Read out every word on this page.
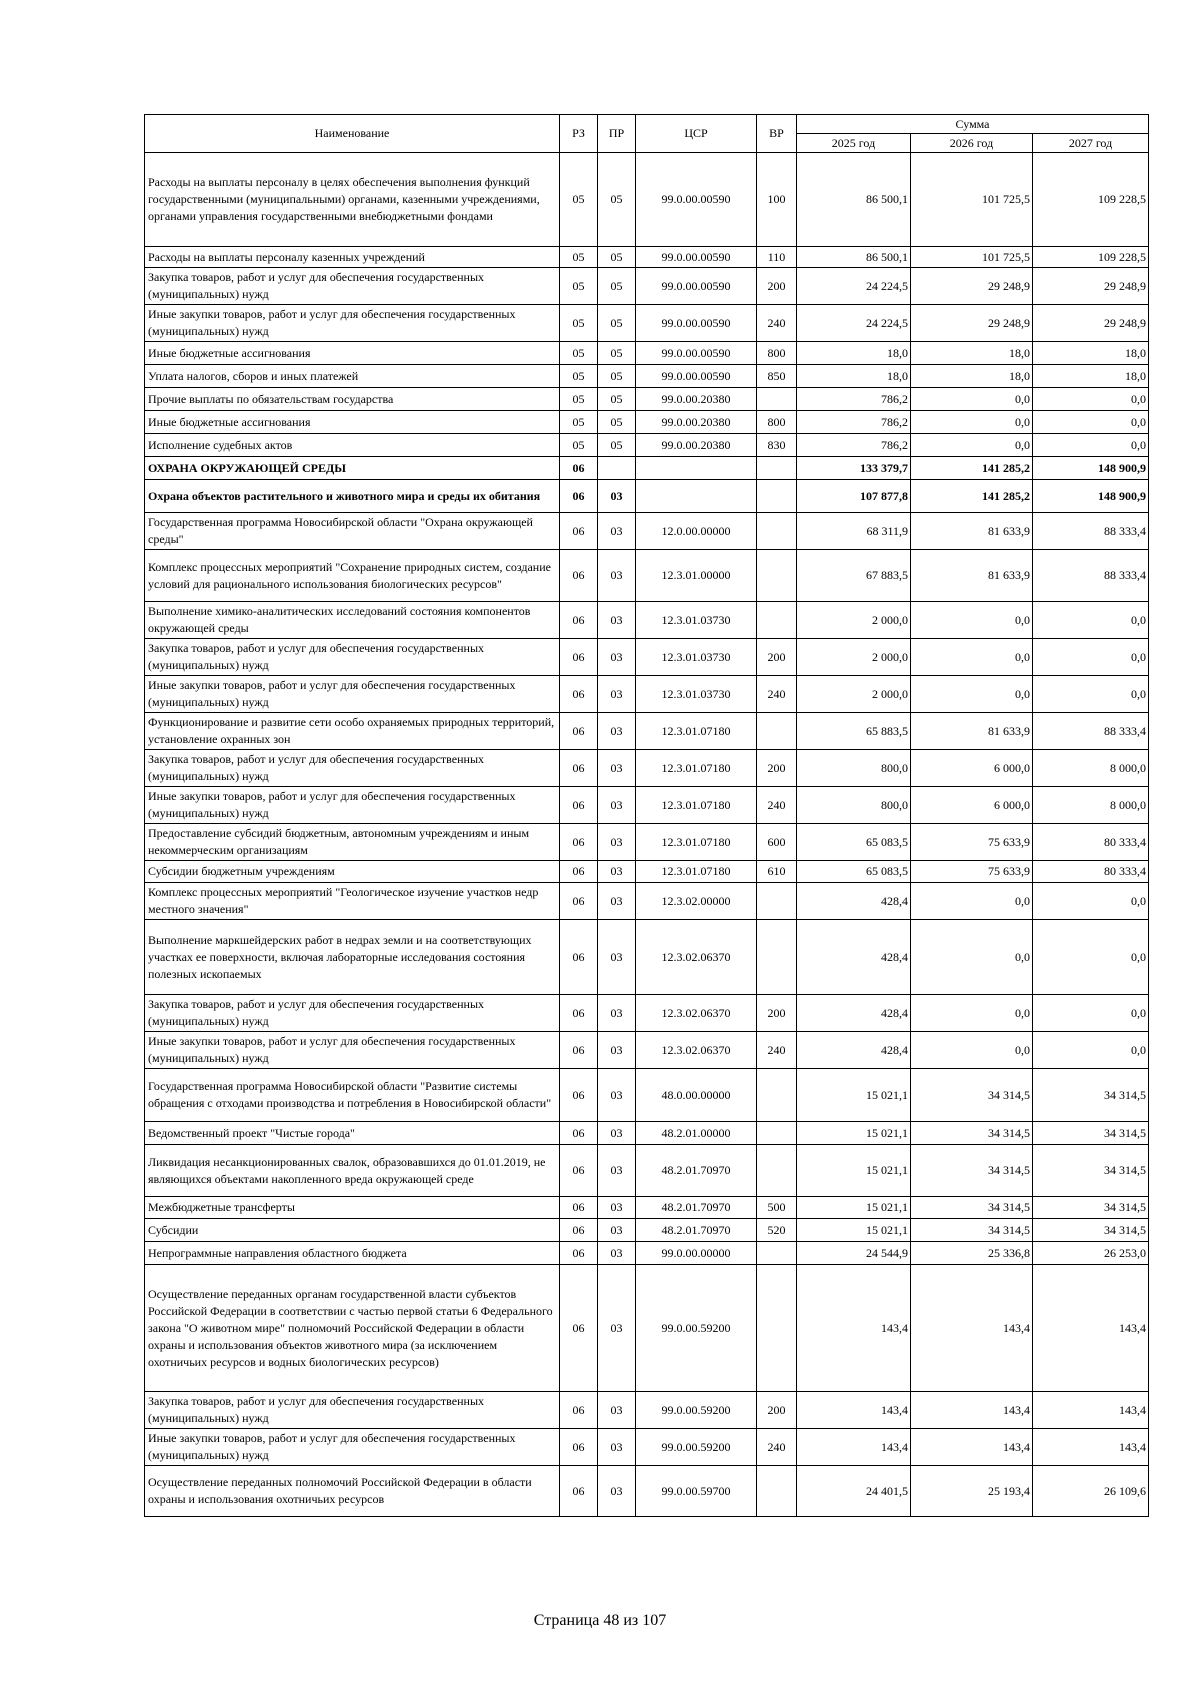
Наименование	РЗ	ПР	ЦСР	ВР	Сумма		
					2025 год	2026 год	2027 год
Расходы на выплаты персоналу в целях обеспечения выполнения функций государственными (муниципальными) органами, казенными учреждениями, органами управления государственными внебюджетными фондами	05	05	99.0.00.00590	100	86 500,1	101 725,5	109 228,5
Расходы на выплаты персоналу казенных учреждений	05	05	99.0.00.00590	110	86 500,1	101 725,5	109 228,5
Закупка товаров, работ и услуг для обеспечения государственных (муниципальных) нужд	05	05	99.0.00.00590	200	24 224,5	29 248,9	29 248,9
Иные закупки товаров, работ и услуг для обеспечения государственных (муниципальных) нужд	05	05	99.0.00.00590	240	24 224,5	29 248,9	29 248,9
Иные бюджетные ассигнования	05	05	99.0.00.00590	800	18,0	18,0	18,0
Уплата налогов, сборов и иных платежей	05	05	99.0.00.00590	850	18,0	18,0	18,0
Прочие выплаты по обязательствам государства	05	05	99.0.00.20380		786,2	0,0	0,0
Иные бюджетные ассигнования	05	05	99.0.00.20380	800	786,2	0,0	0,0
Исполнение судебных актов	05	05	99.0.00.20380	830	786,2	0,0	0,0
ОХРАНА ОКРУЖАЮЩЕЙ СРЕДЫ	06				133 379,7	141 285,2	148 900,9
Охрана объектов растительного и животного мира и среды их обитания	06	03			107 877,8	141 285,2	148 900,9
Государственная программа Новосибирской области "Охрана окружающей среды"	06	03	12.0.00.00000		68 311,9	81 633,9	88 333,4
Комплекс процессных мероприятий "Сохранение природных систем, создание условий для рационального использования биологических ресурсов"	06	03	12.3.01.00000		67 883,5	81 633,9	88 333,4
Выполнение химико-аналитических исследований состояния компонентов окружающей среды	06	03	12.3.01.03730		2 000,0	0,0	0,0
Закупка товаров, работ и услуг для обеспечения государственных (муниципальных) нужд	06	03	12.3.01.03730	200	2 000,0	0,0	0,0
Иные закупки товаров, работ и услуг для обеспечения государственных (муниципальных) нужд	06	03	12.3.01.03730	240	2 000,0	0,0	0,0
Функционирование и развитие сети особо охраняемых природных территорий, установление охранных зон	06	03	12.3.01.07180		65 883,5	81 633,9	88 333,4
Закупка товаров, работ и услуг для обеспечения государственных (муниципальных) нужд	06	03	12.3.01.07180	200	800,0	6 000,0	8 000,0
Иные закупки товаров, работ и услуг для обеспечения государственных (муниципальных) нужд	06	03	12.3.01.07180	240	800,0	6 000,0	8 000,0
Предоставление субсидий бюджетным, автономным учреждениям и иным некоммерческим организациям	06	03	12.3.01.07180	600	65 083,5	75 633,9	80 333,4
Субсидии бюджетным учреждениям	06	03	12.3.01.07180	610	65 083,5	75 633,9	80 333,4
Комплекс процессных мероприятий "Геологическое изучение участков недр местного значения"	06	03	12.3.02.00000		428,4	0,0	0,0
Выполнение маркшейдерских работ в недрах земли и на соответствующих участках ее поверхности, включая лабораторные исследования состояния полезных ископаемых	06	03	12.3.02.06370		428,4	0,0	0,0
Закупка товаров, работ и услуг для обеспечения государственных (муниципальных) нужд	06	03	12.3.02.06370	200	428,4	0,0	0,0
Иные закупки товаров, работ и услуг для обеспечения государственных (муниципальных) нужд	06	03	12.3.02.06370	240	428,4	0,0	0,0
Государственная программа Новосибирской области "Развитие системы обращения с отходами производства и потребления в Новосибирской области"	06	03	48.0.00.00000		15 021,1	34 314,5	34 314,5
Ведомственный проект "Чистые города"	06	03	48.2.01.00000		15 021,1	34 314,5	34 314,5
Ликвидация несанкционированных свалок, образовавшихся до 01.01.2019, не являющихся объектами накопленного вреда окружающей среде	06	03	48.2.01.70970		15 021,1	34 314,5	34 314,5
Межбюджетные трансферты	06	03	48.2.01.70970	500	15 021,1	34 314,5	34 314,5
Субсидии	06	03	48.2.01.70970	520	15 021,1	34 314,5	34 314,5
Непрограммные направления областного бюджета	06	03	99.0.00.00000		24 544,9	25 336,8	26 253,0
Осуществление переданных органам государственной власти субъектов Российской Федерации в соответствии с частью первой статьи 6 Федерального закона "О животном мире" полномочий Российской Федерации в области охраны и использования объектов животного мира (за исключением охотничьих ресурсов и водных биологических ресурсов)	06	03	99.0.00.59200		143,4	143,4	143,4
Закупка товаров, работ и услуг для обеспечения государственных (муниципальных) нужд	06	03	99.0.00.59200	200	143,4	143,4	143,4
Иные закупки товаров, работ и услуг для обеспечения государственных (муниципальных) нужд	06	03	99.0.00.59200	240	143,4	143,4	143,4
Осуществление переданных полномочий Российской Федерации в области охраны и использования охотничьих ресурсов	06	03	99.0.00.59700		24 401,5	25 193,4	26 109,6
Страница 48 из 107
